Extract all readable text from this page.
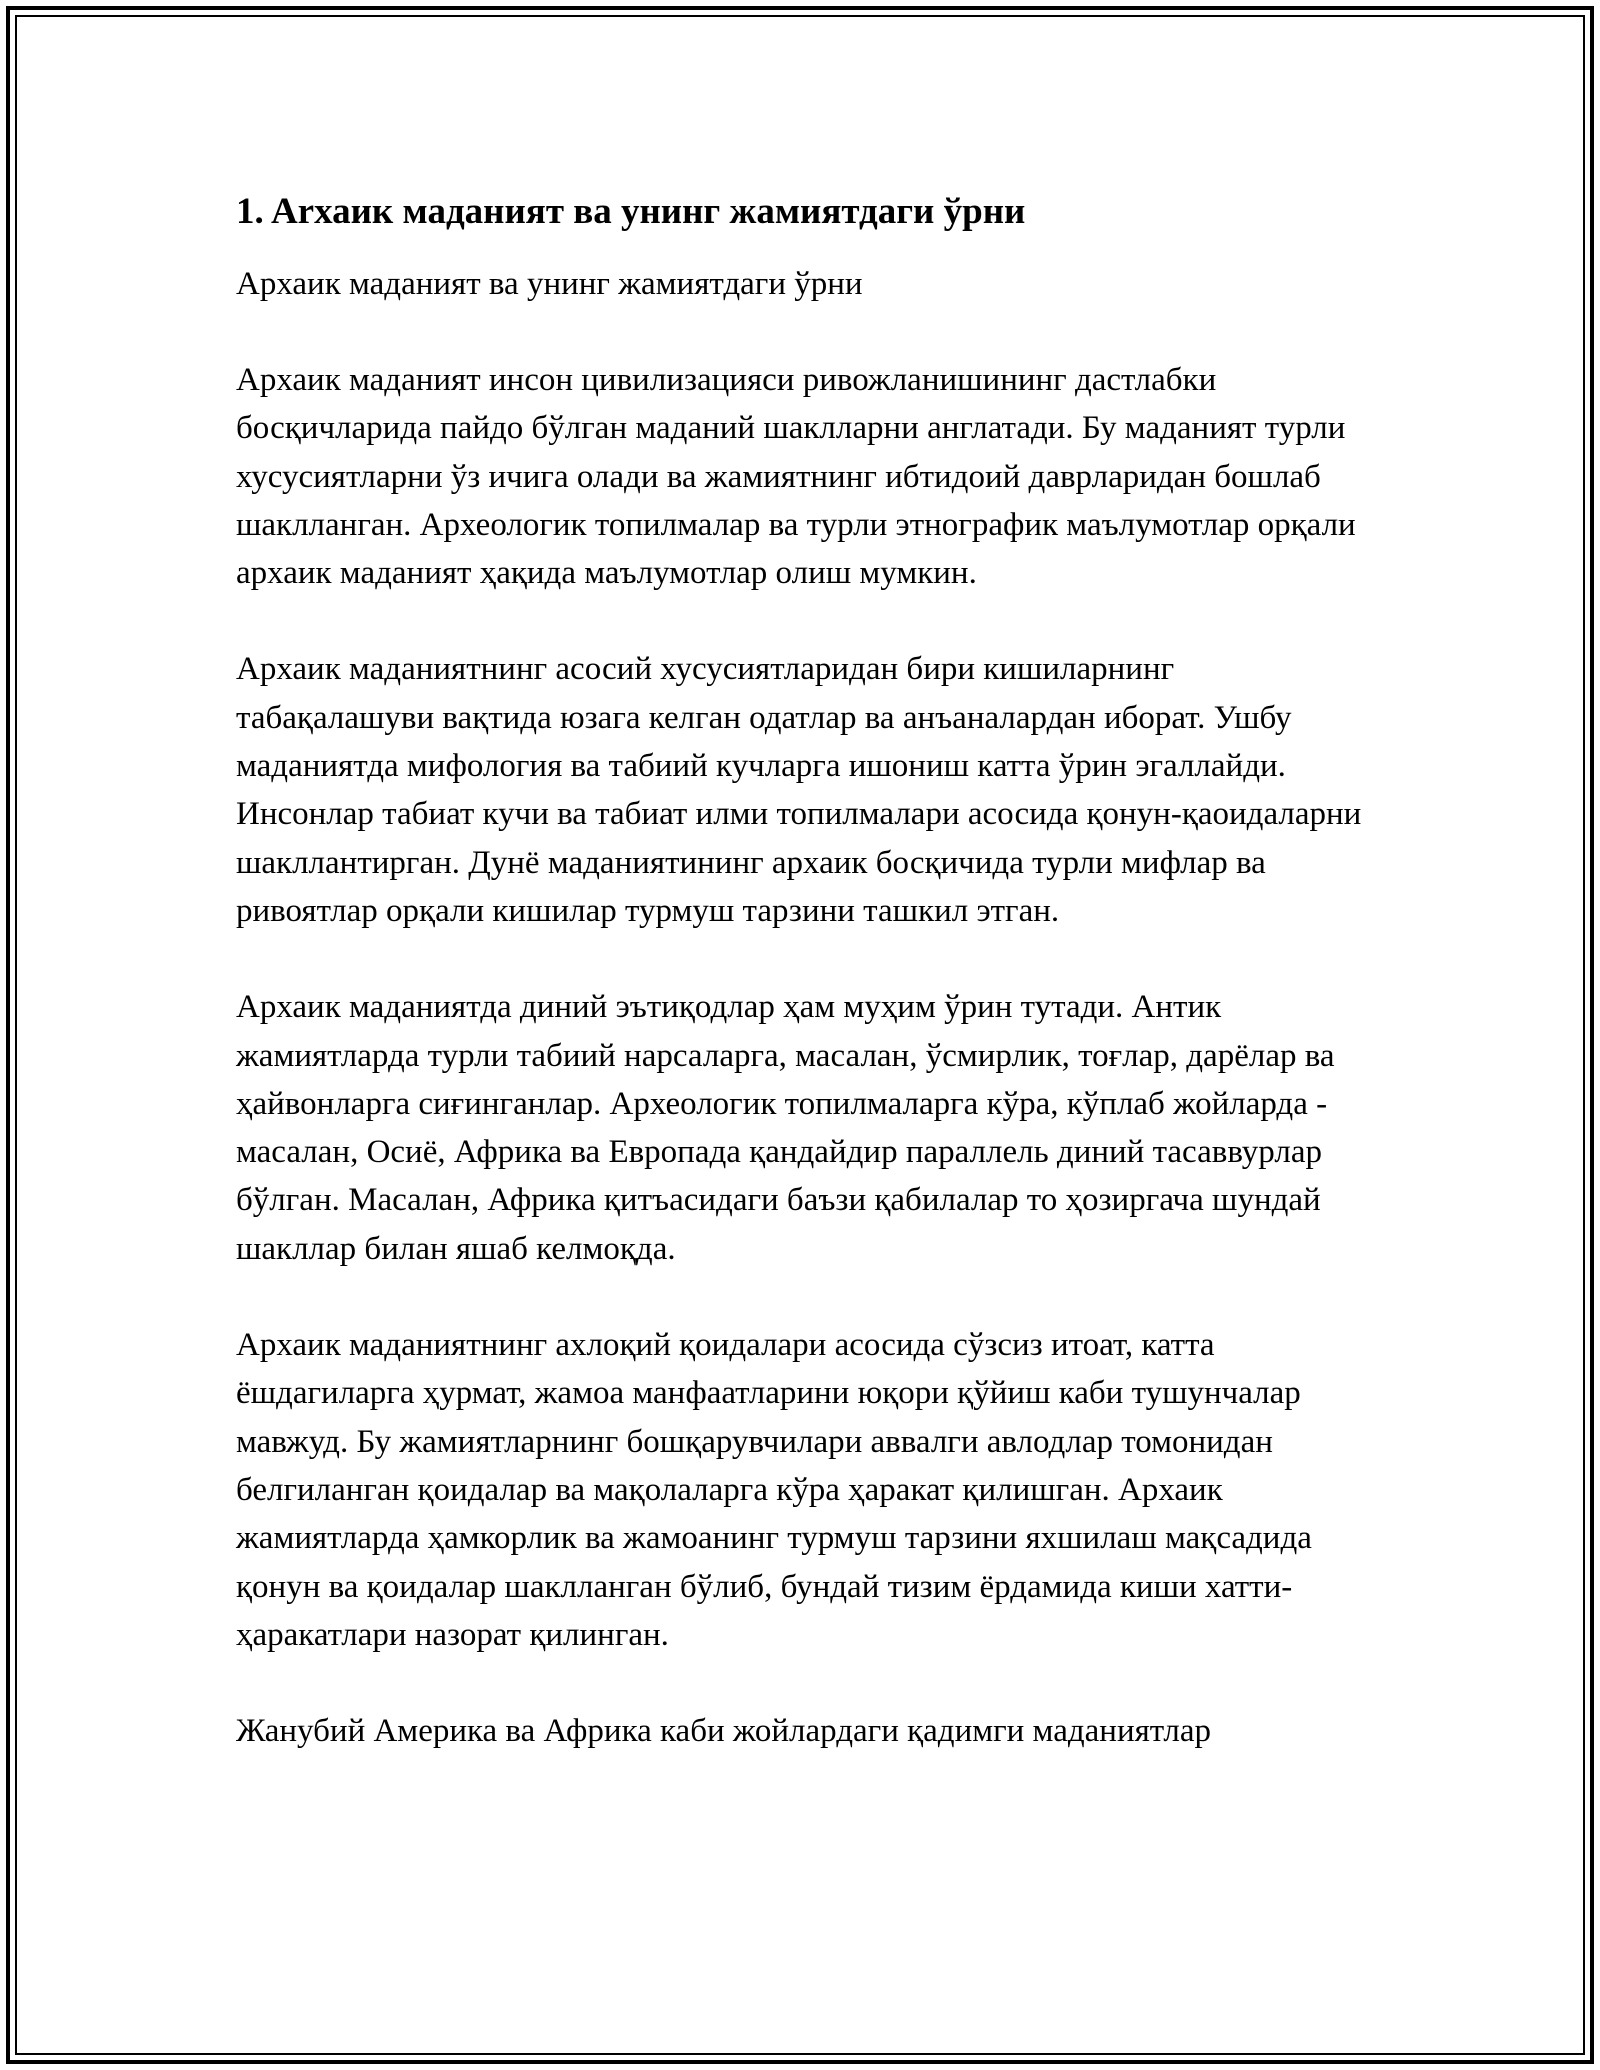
1. Arхаик маданият ва унинг жамиятдаги ўрни

Архаик маданият ва унинг жамиятдаги ўрни

Архаик маданият инсон цивилизацияси ривожланишининг дастлабки босқичларида пайдо бўлган маданий шаклларни англатади. Бу маданият турли хусусиятларни ўз ичига олади ва жамиятнинг ибтидоий даврларидан бошлаб шаклланган. Археологик топилмалар ва турли этнографик маълумотлар орқали архаик маданият ҳақида маълумотлар олиш мумкин.

Архаик маданиятнинг асосий хусусиятларидан бири кишиларнинг табақалашуви вақтида юзага келган одатлар ва анъаналардан иборат. Ушбу маданиятда мифология ва табиий кучларга ишониш катта ўрин эгаллайди. Инсонлар табиат кучи ва табиат илми топилмалари асосида қонун-қаоидаларни шакллантирган. Дунё маданиятининг архаик босқичида турли мифлар ва ривоятлар орқали кишилар турмуш тарзини ташкил этган.

Архаик маданиятда диний эътиқодлар ҳам муҳим ўрин тутади. Антик жамиятларда турли табиий нарсаларга, масалан, ўсмирлик, тоғлар, дарёлар ва ҳайвонларга сиғинганлар. Археологик топилмаларга кўра, кўплаб жойларда - масалан, Осиё, Африка ва Европада қандайдир параллель диний тасаввурлар бўлган. Масалан, Африка қитъасидаги баъзи қабилалар то ҳозиргача шундай шакллар билан яшаб келмоқда.

Архаик маданиятнинг ахлоқий қоидалари асосида сўзсиз итоат, катта ёшдагиларга ҳурмат, жамоа манфаатларини юқори қўйиш каби тушунчалар мавжуд. Бу жамиятларнинг бошқарувчилари аввалги авлодлар томонидан белгиланган қоидалар ва мақолаларга кўра ҳаракат қилишган. Архаик жамиятларда ҳамкорлик ва жамоанинг турмуш тарзини яхшилаш мақсадида қонун ва қоидалар шаклланган бўлиб, бундай тизим ёрдамида киши хатти-ҳаракатлари назорат қилинган.

Жанубий Америка ва Африка каби жойлардаги қадимги маданиятлар
